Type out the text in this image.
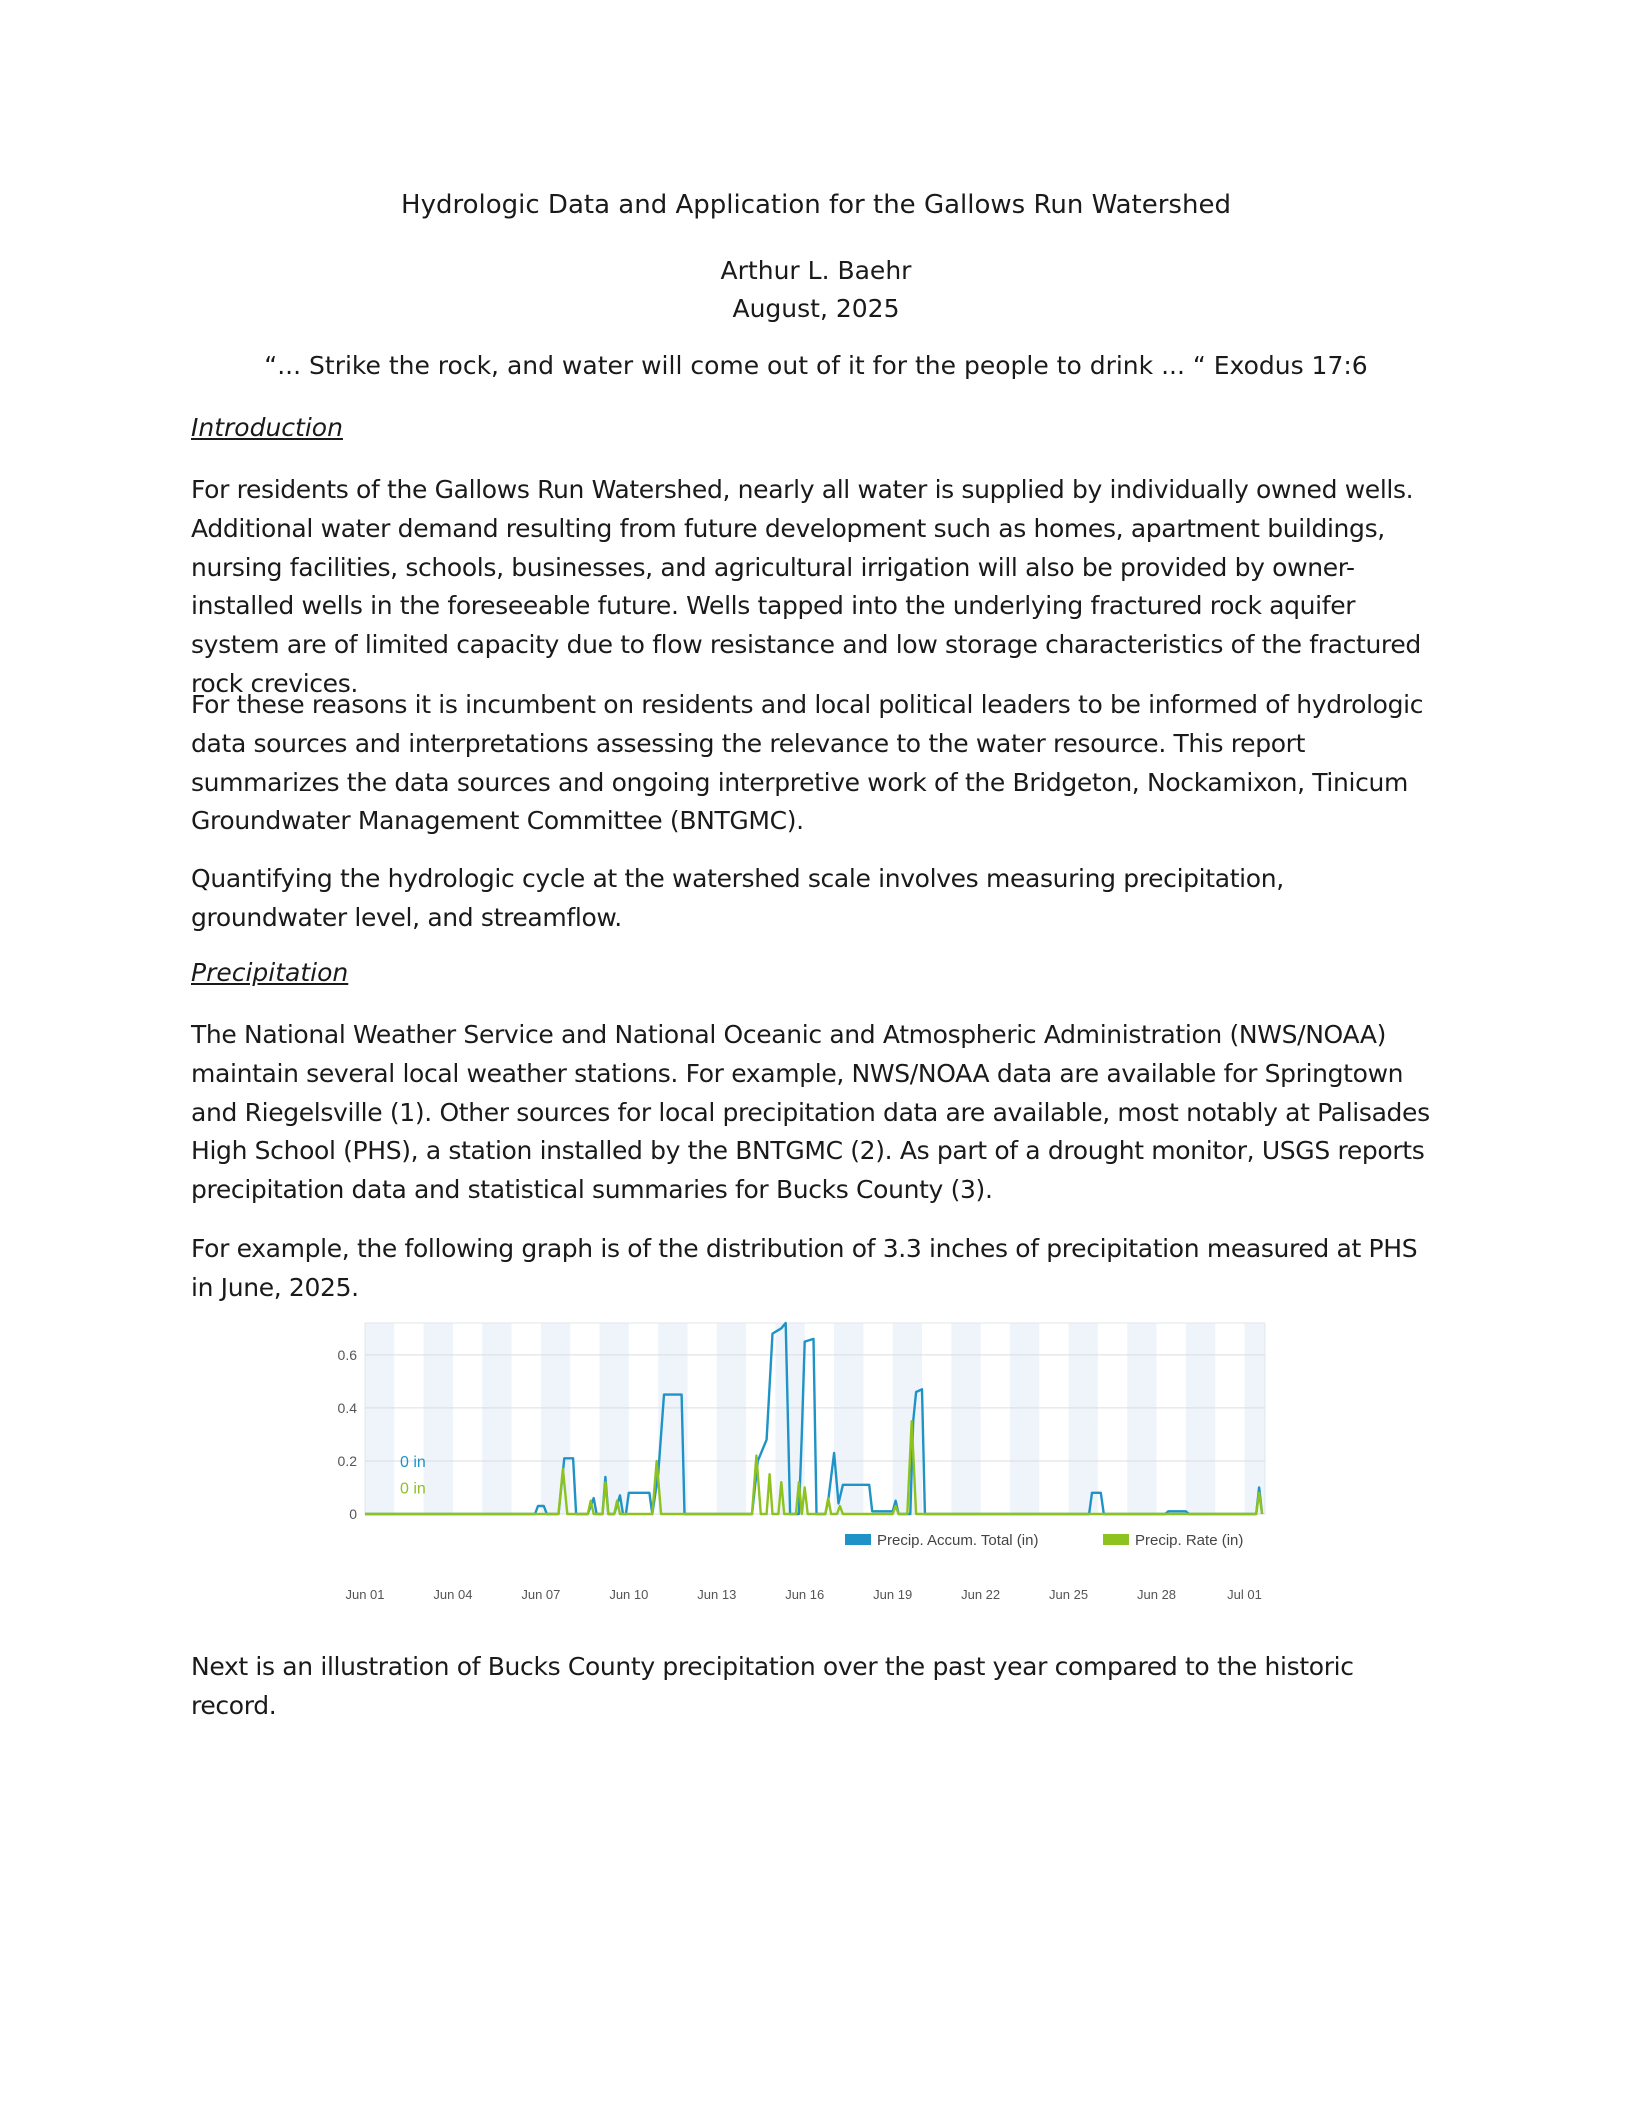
Hydrologic Data and Application for the Gallows Run Watershed

Arthur L. Baehr

August, 2025

“... Strike the rock, and water will come out of it for the people to drink ... “ Exodus 17:6

Introduction

For residents of the Gallows Run Watershed, nearly all water is supplied by individually owned wells. Additional water demand resulting from future development such as homes, apartment buildings, nursing facilities, schools, businesses, and agricultural irrigation will also be provided by owner-installed wells in the foreseeable future. Wells tapped into the underlying fractured rock aquifer system are of limited capacity due to flow resistance and low storage characteristics of the fractured rock crevices.

For these reasons it is incumbent on residents and local political leaders to be informed of hydrologic data sources and interpretations assessing the relevance to the water resource. This report summarizes the data sources and ongoing interpretive work of the Bridgeton, Nockamixon, Tinicum Groundwater Management Committee (BNTGMC).

Quantifying the hydrologic cycle at the watershed scale involves measuring precipitation, groundwater level, and streamflow.

Precipitation

The National Weather Service and National Oceanic and Atmospheric Administration (NWS/NOAA) maintain several local weather stations. For example, NWS/NOAA data are available for Springtown and Riegelsville (1). Other sources for local precipitation data are available, most notably at Palisades High School (PHS), a station installed by the BNTGMC (2). As part of a drought monitor, USGS reports precipitation data and statistical summaries for Bucks County (3).

For example, the following graph is of the distribution of 3.3 inches of precipitation measured at PHS in June, 2025.

0
0.2
0.4
0.6
0 in
0 in
Precip. Accum. Total (in)	Precip. Rate (in)
Jun 01	Jun 04	Jun 07	Jun 10	Jun 13	Jun 16	Jun 19	Jun 22	Jun 25	Jun 28	Jul 01

Next is an illustration of Bucks County precipitation over the past year compared to the historic record.
